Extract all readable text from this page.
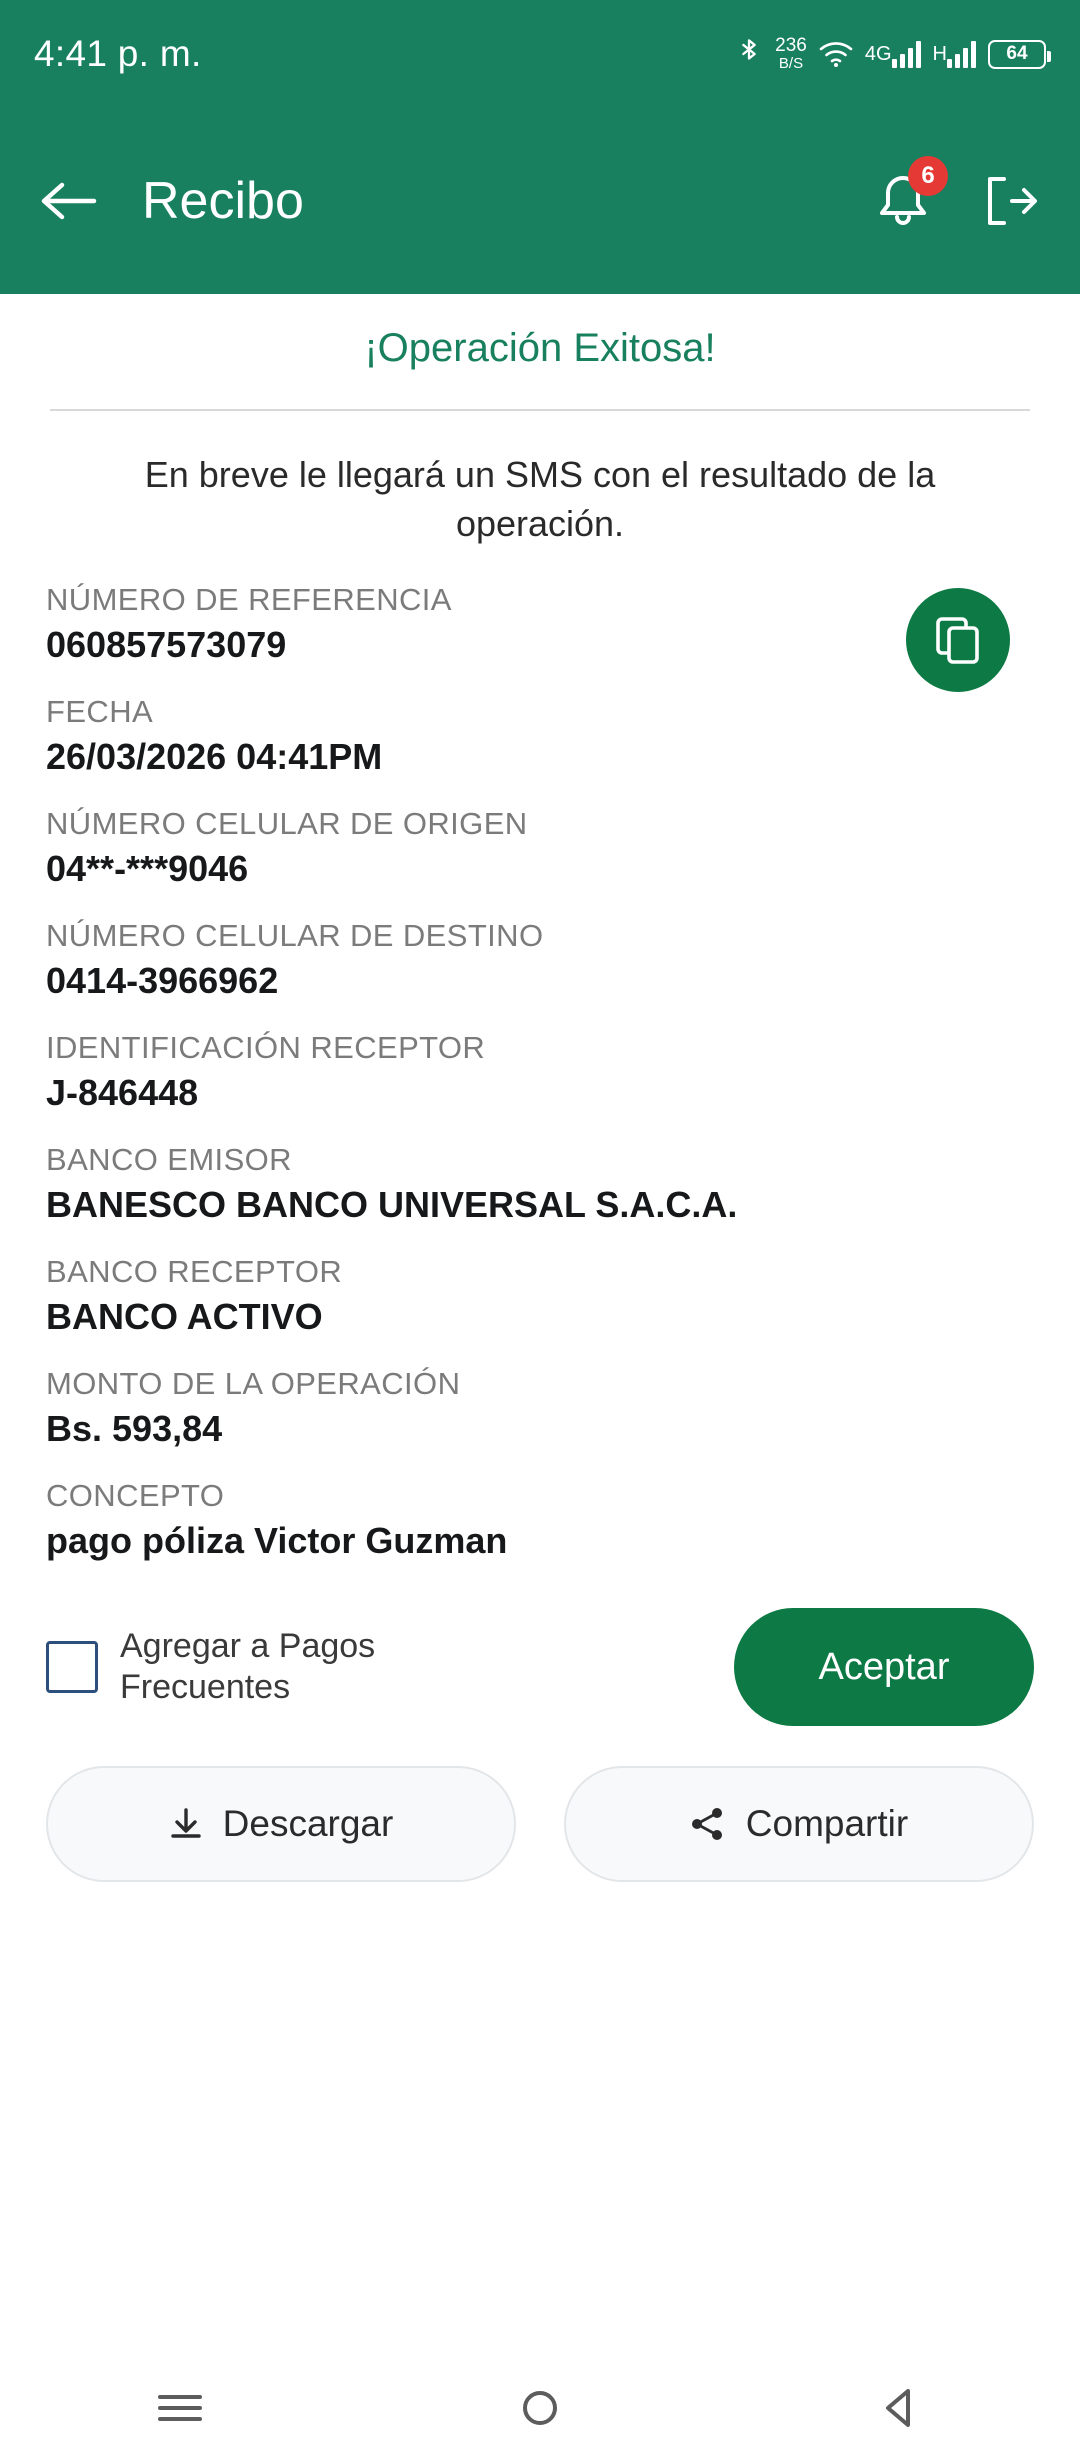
4:41 p. m.	236
B/S	4G H	64
Recibo	6
¡Operación Exitosa!
En breve le llegará un SMS con el resultado de la operación.
NÚMERO DE REFERENCIA
060857573079
FECHA
26/03/2026 04:41PM
NÚMERO CELULAR DE ORIGEN
04**-***9046
NÚMERO CELULAR DE DESTINO
0414-3966962
IDENTIFICACIÓN RECEPTOR
J-846448
BANCO EMISOR
BANESCO BANCO UNIVERSAL S.A.C.A.
BANCO RECEPTOR
BANCO ACTIVO
MONTO DE LA OPERACIÓN
Bs. 593,84
CONCEPTO
pago póliza Victor Guzman
Agregar a Pagos Frecuentes	Aceptar
Descargar	Compartir
